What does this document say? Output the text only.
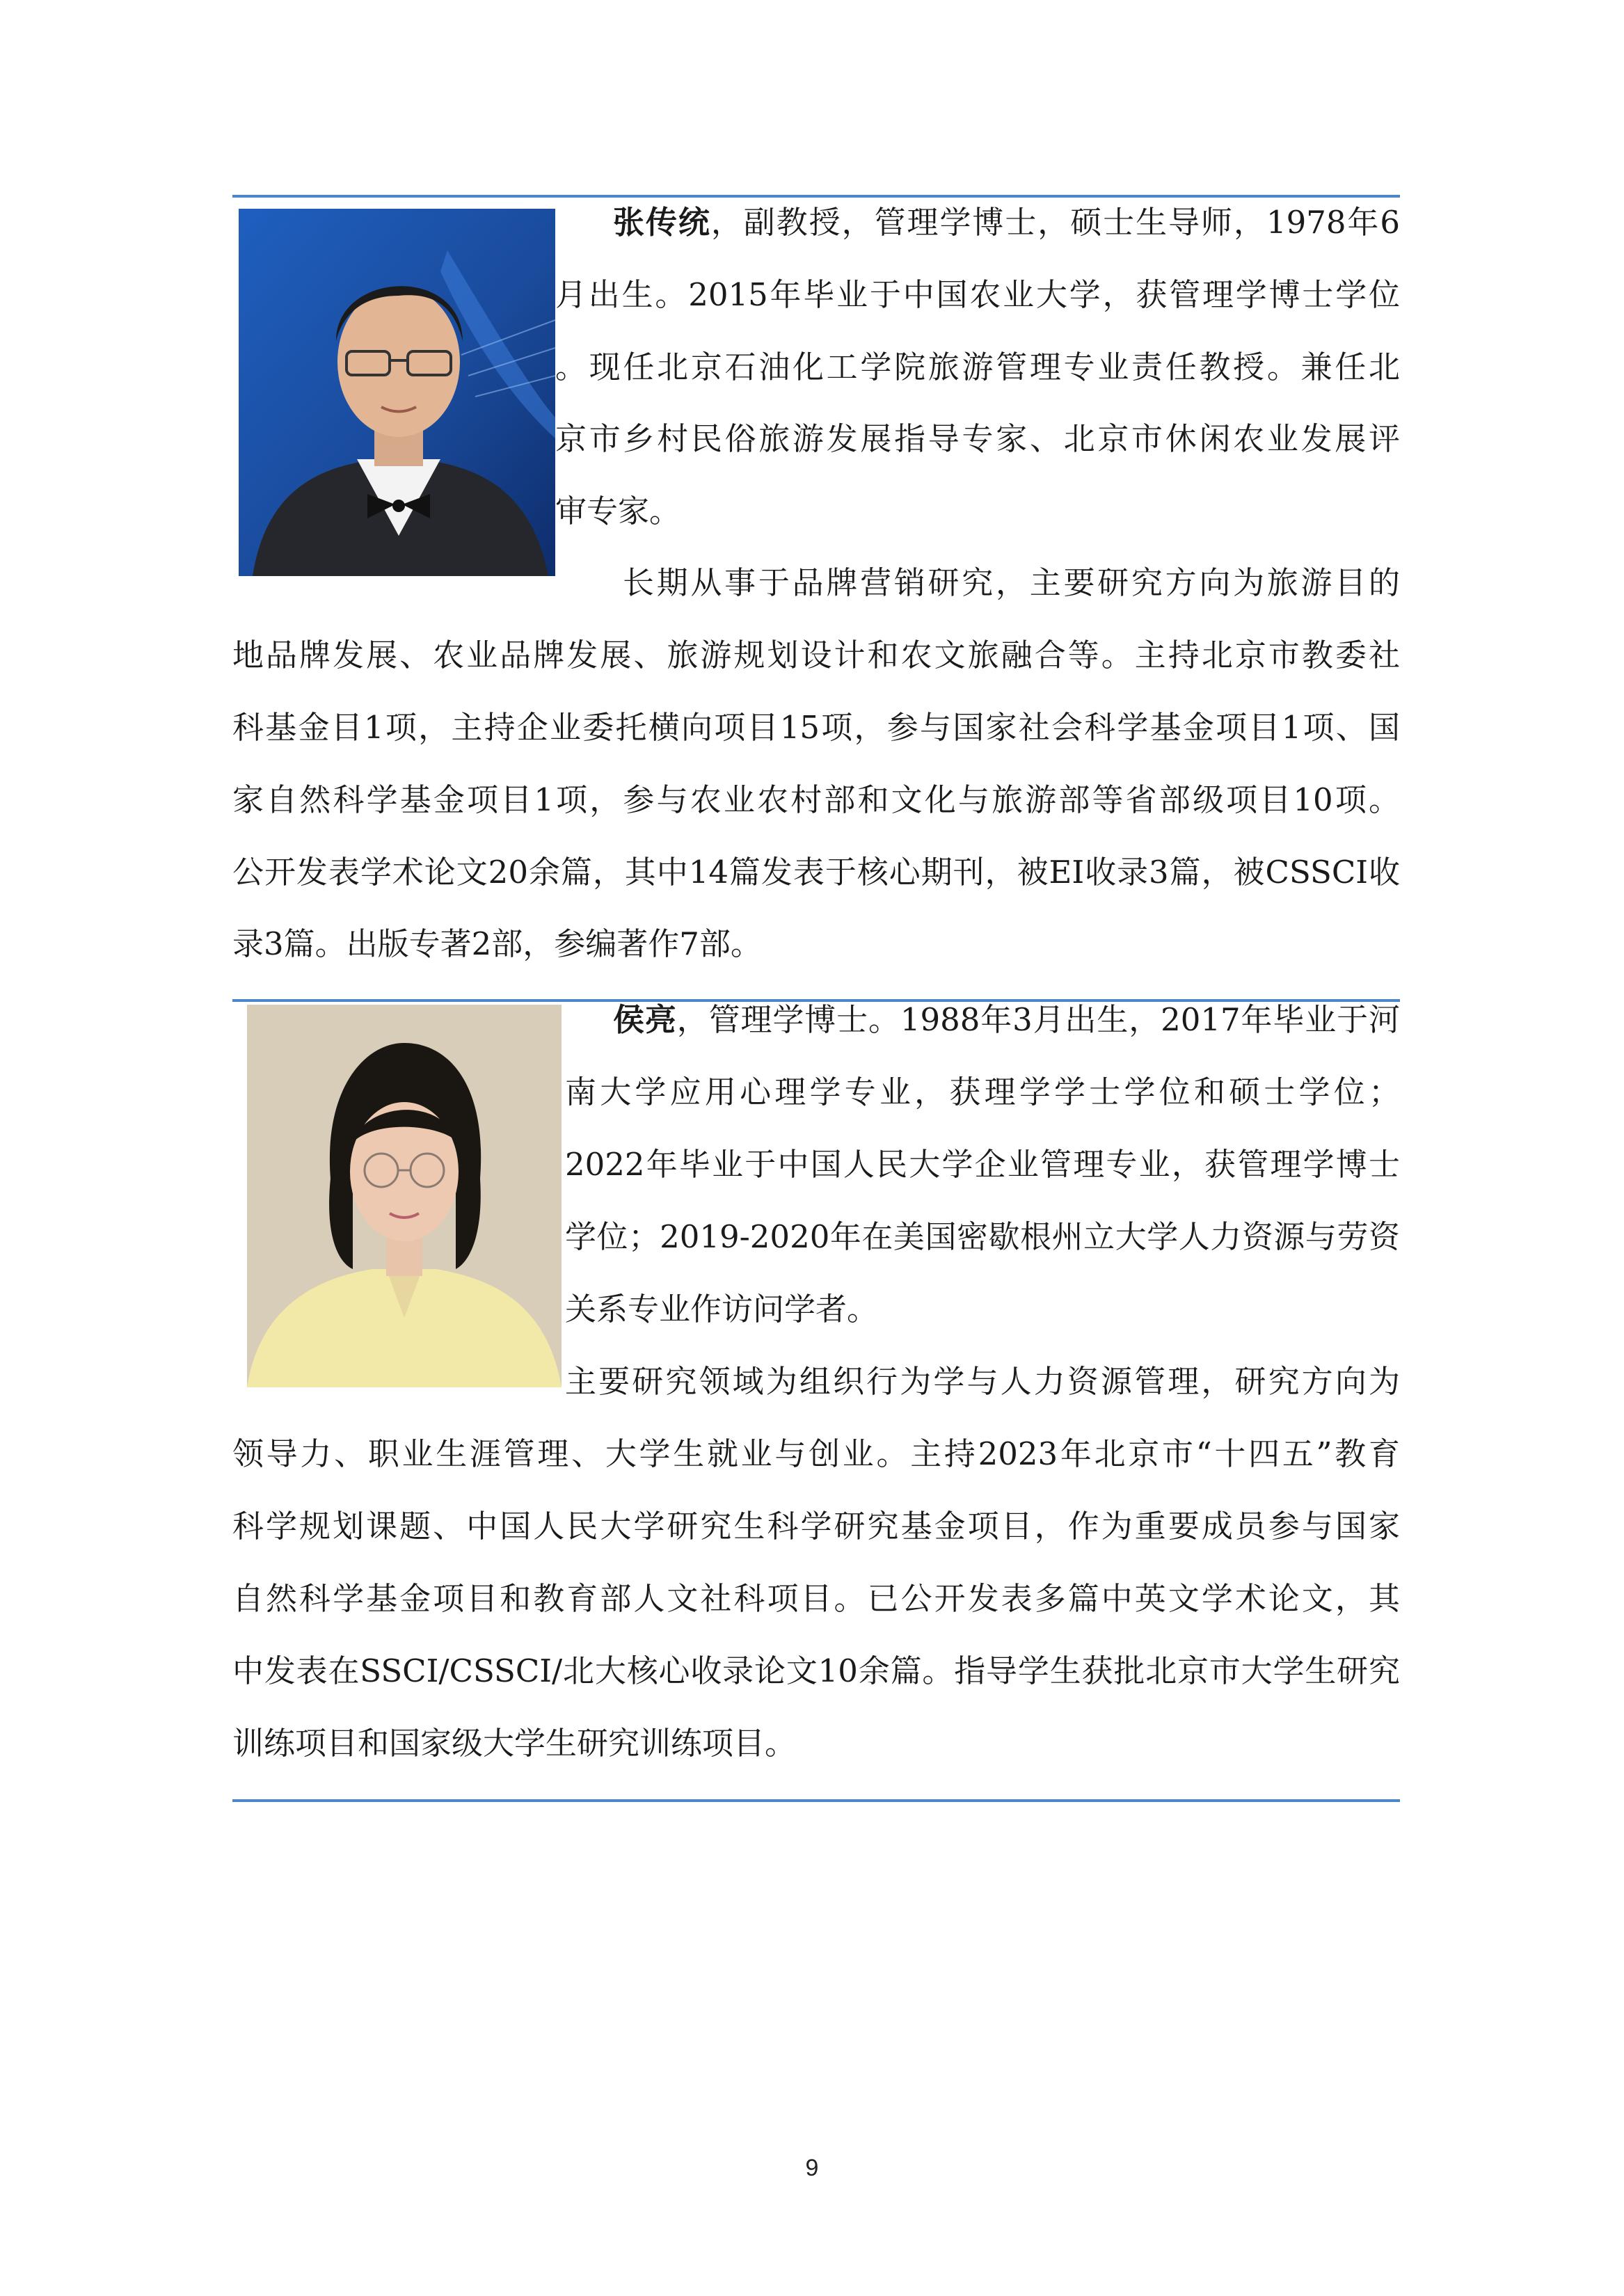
张传统，副教授，管理学博士，硕士生导师，1978年6
月出生。2015年毕业于中国农业大学，获管理学博士学位
。现任北京石油化工学院旅游管理专业责任教授。兼任北
京市乡村民俗旅游发展指导专家、北京市休闲农业发展评
审专家。
长期从事于品牌营销研究，主要研究方向为旅游目的
地品牌发展、农业品牌发展、旅游规划设计和农文旅融合等。主持北京市教委社
科基金目1项，主持企业委托横向项目15项，参与国家社会科学基金项目1项、国
家自然科学基金项目1项，参与农业农村部和文化与旅游部等省部级项目10项。
公开发表学术论文20余篇，其中14篇发表于核心期刊，被EI收录3篇，被CSSCI收
录3篇。出版专著2部，参编著作7部。
侯亮，管理学博士。1988年3月出生，2017年毕业于河
南大学应用心理学专业，获理学学士学位和硕士学位；
2022年毕业于中国人民大学企业管理专业，获管理学博士
学位；2019-2020年在美国密歇根州立大学人力资源与劳资
关系专业作访问学者。
主要研究领域为组织行为学与人力资源管理，研究方向为
领导力、职业生涯管理、大学生就业与创业。主持2023年北京市“十四五”教育
科学规划课题、中国人民大学研究生科学研究基金项目，作为重要成员参与国家
自然科学基金项目和教育部人文社科项目。已公开发表多篇中英文学术论文，其
中发表在SSCI/CSSCI/北大核心收录论文10余篇。指导学生获批北京市大学生研究
训练项目和国家级大学生研究训练项目。
9
